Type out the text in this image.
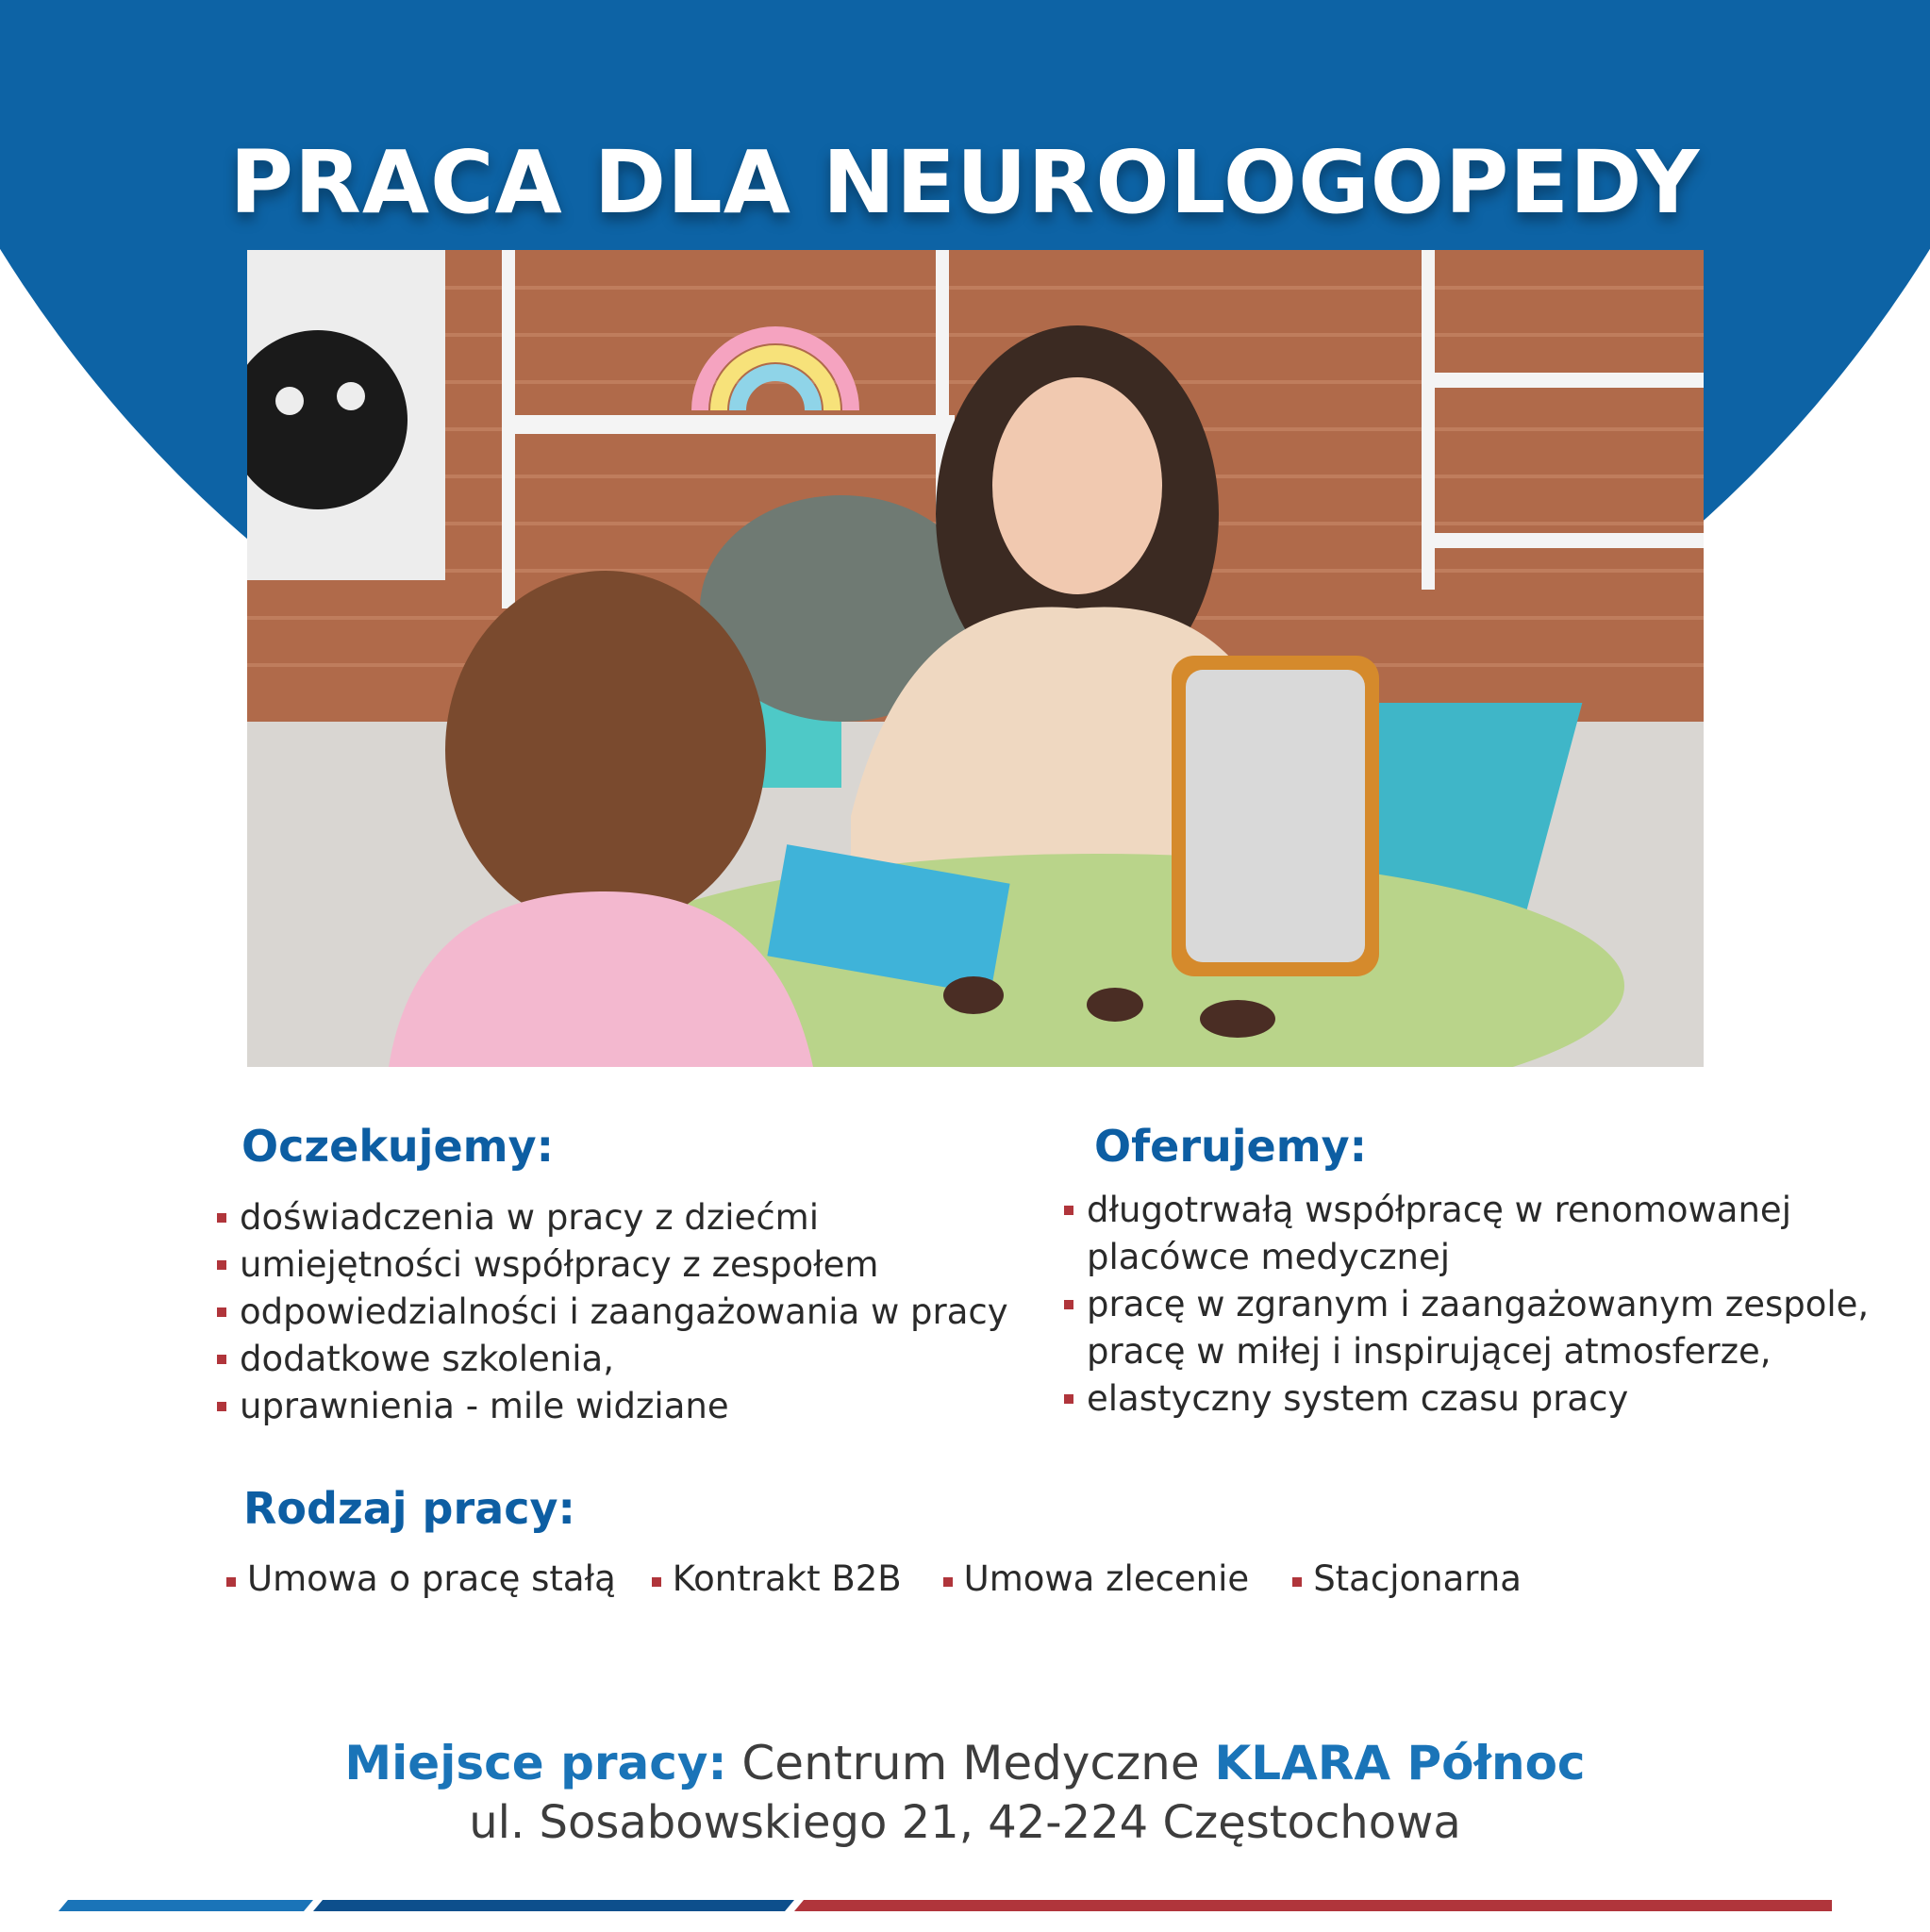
PRACA DLA NEUROLOGOPEDY
Oczekujemy:
doświadczenia w pracy z dziećmi
umiejętności współpracy z zespołem
odpowiedzialności i zaangażowania w pracy
dodatkowe szkolenia,
uprawnienia - mile widziane
Oferujemy:
długotrwałą współpracę w renomowanej placówce medycznej
pracę w zgranym i zaangażowanym zespole, pracę w miłej i inspirującej atmosferze,
elastyczny system czasu pracy
Rodzaj pracy:
Umowa o pracę stałą	Kontrakt B2B	Umowa zlecenie	Stacjonarna
Miejsce pracy: Centrum Medyczne KLARA Północ
ul. Sosabowskiego 21, 42-224 Częstochowa
